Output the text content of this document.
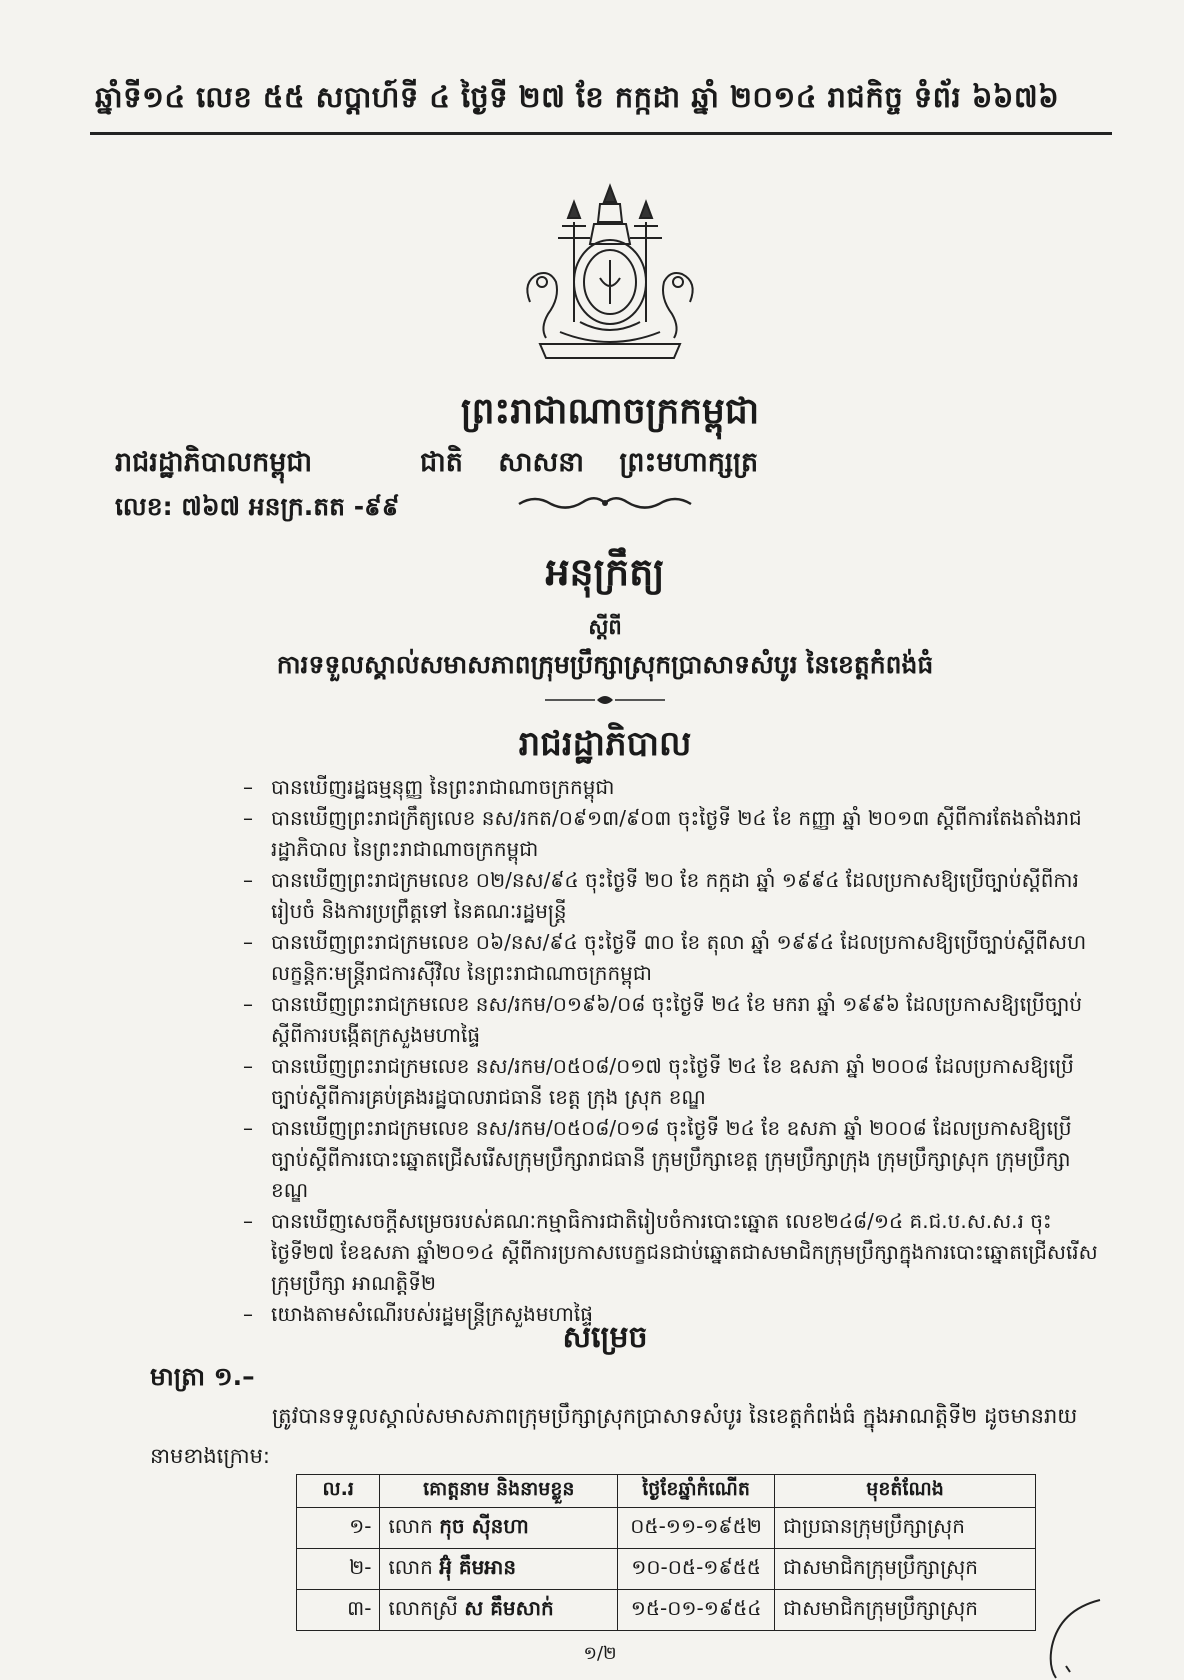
ឆ្នាំទី១៤ លេខ ៥៥ សប្ដាហ៍ទី ៤ ថ្ងៃទី ២៧ ខែ កក្កដា ឆ្នាំ ២០១៤ រាជកិច្ច ទំព័រ ៦៦៧៦
ព្រះរាជាណាចក្រកម្ពុជា
រាជរដ្ឋាភិបាលកម្ពុជា	ជាតិ សាសនា ព្រះមហាក្សត្រ
លេខ: ៧៦៧ អនក្រ.តត -៩៩
អនុក្រឹត្យ
ស្ដីពី
ការទទួលស្គាល់សមាសភាពក្រុមប្រឹក្សាស្រុកប្រាសាទសំបូរ នៃខេត្តកំពង់ធំ
រាជរដ្ឋាភិបាល
– បានឃើញរដ្ឋធម្មនុញ្ញ នៃព្រះរាជាណាចក្រកម្ពុជា
– បានឃើញព្រះរាជក្រឹត្យលេខ នស/រកត/០៩១៣/៩០៣ ចុះថ្ងៃទី ២៤ ខែ កញ្ញា ឆ្នាំ ២០១៣ ស្ដីពីការតែងតាំងរាជរដ្ឋាភិបាល នៃព្រះរាជាណាចក្រកម្ពុជា
– បានឃើញព្រះរាជក្រមលេខ ០២/នស/៩៤ ចុះថ្ងៃទី ២០ ខែ កក្កដា ឆ្នាំ ១៩៩៤ ដែលប្រកាសឱ្យប្រើច្បាប់ស្ដីពីការរៀបចំ និងការប្រព្រឹត្តទៅ នៃគណៈរដ្ឋមន្ត្រី
– បានឃើញព្រះរាជក្រមលេខ ០៦/នស/៩៤ ចុះថ្ងៃទី ៣០ ខែ តុលា ឆ្នាំ ១៩៩៤ ដែលប្រកាសឱ្យប្រើច្បាប់ស្ដីពីសហលក្ខន្តិកៈមន្ត្រីរាជការស៊ីវិល នៃព្រះរាជាណាចក្រកម្ពុជា
– បានឃើញព្រះរាជក្រមលេខ នស/រកម/០១៩៦/០៨ ចុះថ្ងៃទី ២៤ ខែ មករា ឆ្នាំ ១៩៩៦ ដែលប្រកាសឱ្យប្រើច្បាប់ស្ដីពីការបង្កើតក្រសួងមហាផ្ទៃ
– បានឃើញព្រះរាជក្រមលេខ នស/រកម/០៥០៨/០១៧ ចុះថ្ងៃទី ២៤ ខែ ឧសភា ឆ្នាំ ២០០៨ ដែលប្រកាសឱ្យប្រើច្បាប់ស្ដីពីការគ្រប់គ្រងរដ្ឋបាលរាជធានី ខេត្ត ក្រុង ស្រុក ខណ្ឌ
– បានឃើញព្រះរាជក្រមលេខ នស/រកម/០៥០៨/០១៨ ចុះថ្ងៃទី ២៤ ខែ ឧសភា ឆ្នាំ ២០០៨ ដែលប្រកាសឱ្យប្រើច្បាប់ស្ដីពីការបោះឆ្នោតជ្រើសរើសក្រុមប្រឹក្សារាជធានី ក្រុមប្រឹក្សាខេត្ត ក្រុមប្រឹក្សាក្រុង ក្រុមប្រឹក្សាស្រុក ក្រុមប្រឹក្សាខណ្ឌ
– បានឃើញសេចក្ដីសម្រេចរបស់គណៈកម្មាធិការជាតិរៀបចំការបោះឆ្នោត លេខ២៤៨/១៤ គ.ជ.ប.ស.ស.រ ចុះថ្ងៃទី២៧ ខែឧសភា ឆ្នាំ២០១៤ ស្ដីពីការប្រកាសបេក្ខជនជាប់ឆ្នោតជាសមាជិកក្រុមប្រឹក្សាក្នុងការបោះឆ្នោតជ្រើសរើសក្រុមប្រឹក្សា អាណត្តិទី២
– យោងតាមសំណើរបស់រដ្ឋមន្ត្រីក្រសួងមហាផ្ទៃ
សម្រេច
មាត្រា ១.–
ត្រូវបានទទួលស្គាល់សមាសភាពក្រុមប្រឹក្សាស្រុកប្រាសាទសំបូរ នៃខេត្តកំពង់ធំ ក្នុងអាណត្តិទី២ ដូចមានរាយនាមខាងក្រោម:
ល.រ	គោត្តនាម និងនាមខ្លួន	ថ្ងៃខែឆ្នាំកំណើត	មុខតំណែង
១-	លោក កុច ស៊ីនហា	០៥-១១-១៩៥២	ជាប្រធានក្រុមប្រឹក្សាស្រុក
២-	លោក អ៊ុំ គឹមអាន	១០-០៥-១៩៥៥	ជាសមាជិកក្រុមប្រឹក្សាស្រុក
៣-	លោកស្រី ស គឹមសាក់	១៥-០១-១៩៥៤	ជាសមាជិកក្រុមប្រឹក្សាស្រុក
១/២
